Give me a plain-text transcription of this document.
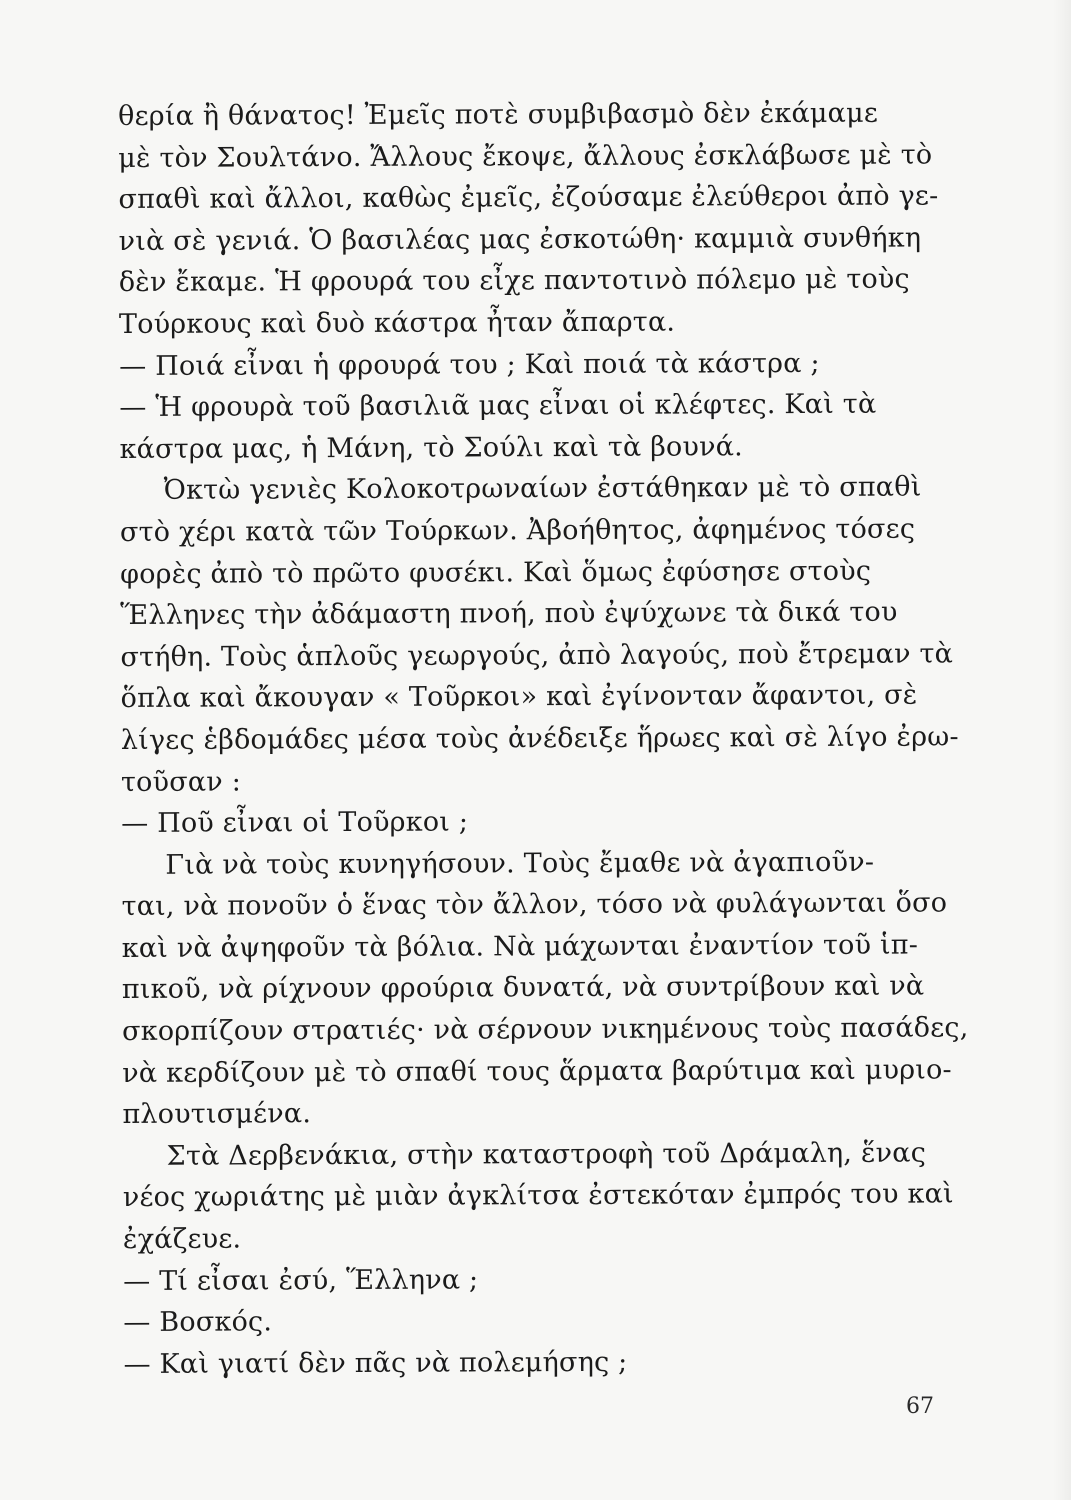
θερία ἢ θάνατος! Ἐμεῖς ποτὲ συμβιβασμὸ δὲν ἐκάμαμε
μὲ τὸν Σουλτάνο. Ἄλλους ἔκοψε, ἄλλους ἐσκλάβωσε μὲ τὸ
σπαθὶ καὶ ἄλλοι, καθὼς ἐμεῖς, ἐζούσαμε ἐλεύθεροι ἀπὸ γε-
νιὰ σὲ γενιά. Ὁ βασιλέας μας ἐσκοτώθη· καμμιὰ συνθήκη
δὲν ἔκαμε. Ἡ φρουρά του εἶχε παντοτινὸ πόλεμο μὲ τοὺς
Τούρκους καὶ δυὸ κάστρα ἦταν ἄπαρτα.
— Ποιά εἶναι ἡ φρουρά του ; Καὶ ποιά τὰ κάστρα ;
— Ἡ φρουρὰ τοῦ βασιλιᾶ μας εἶναι οἱ κλέφτες. Καὶ τὰ
κάστρα μας, ἡ Μάνη, τὸ Σούλι καὶ τὰ βουνά.
Ὀκτὼ γενιὲς Κολοκοτρωναίων ἐστάθηκαν μὲ τὸ σπαθὶ
στὸ χέρι κατὰ τῶν Τούρκων. Ἀβοήθητος, ἀφημένος τόσες
φορὲς ἀπὸ τὸ πρῶτο φυσέκι. Καὶ ὅμως ἐφύσησε στοὺς
Ἕλληνες τὴν ἀδάμαστη πνοή, ποὺ ἐψύχωνε τὰ δικά του
στήθη. Τοὺς ἁπλοῦς γεωργούς, ἀπὸ λαγούς, ποὺ ἔτρεμαν τὰ
ὅπλα καὶ ἄκουγαν « Τοῦρκοι» καὶ ἐγίνονταν ἄφαντοι, σὲ
λίγες ἑβδομάδες μέσα τοὺς ἀνέδειξε ἥρωες καὶ σὲ λίγο ἐρω-
τοῦσαν :
— Ποῦ εἶναι οἱ Τοῦρκοι ;
Γιὰ νὰ τοὺς κυνηγήσουν. Τοὺς ἔμαθε νὰ ἀγαπιοῦν-
ται, νὰ πονοῦν ὁ ἕνας τὸν ἄλλον, τόσο νὰ φυλάγωνται ὅσο
καὶ νὰ ἀψηφοῦν τὰ βόλια. Νὰ μάχωνται ἐναντίον τοῦ ἱπ-
πικοῦ, νὰ ρίχνουν φρούρια δυνατά, νὰ συντρίβουν καὶ νὰ
σκορπίζουν στρατιές· νὰ σέρνουν νικημένους τοὺς πασάδες,
νὰ κερδίζουν μὲ τὸ σπαθί τους ἅρματα βαρύτιμα καὶ μυριο-
πλουτισμένα.
Στὰ Δερβενάκια, στὴν καταστροφὴ τοῦ Δράμαλη, ἕνας
νέος χωριάτης μὲ μιὰν ἀγκλίτσα ἐστεκόταν ἐμπρός του καὶ
ἐχάζευε.
— Τί εἶσαι ἐσύ, Ἕλληνα ;
— Βοσκός.
— Καὶ γιατί δὲν πᾶς νὰ πολεμήσης ;
67
